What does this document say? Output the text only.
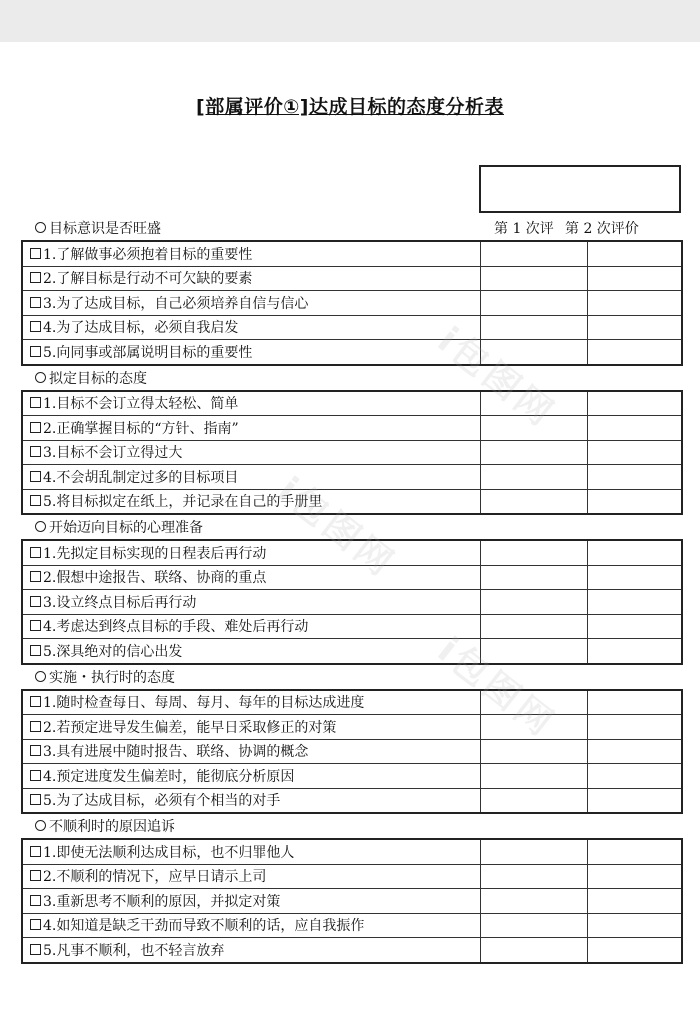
[部属评价①]达成目标的态度分析表
第 1 次评 第 2 次评价
目标意识是否旺盛
1.了解做事必须抱着目标的重要性		
2.了解目标是行动不可欠缺的要素		
3.为了达成目标，自己必须培养自信与信心		
4.为了达成目标，必须自我启发		
5.向同事或部属说明目标的重要性		
拟定目标的态度
1.目标不会订立得太轻松、简单		
2.正确掌握目标的“方针、指南”		
3.目标不会订立得过大		
4.不会胡乱制定过多的目标项目		
5.将目标拟定在纸上，并记录在自己的手册里		
开始迈向目标的心理准备
1.先拟定目标实现的日程表后再行动		
2.假想中途报告、联络、协商的重点		
3.设立终点目标后再行动		
4.考虑达到终点目标的手段、难处后再行动		
5.深具绝对的信心出发		
实施・执行时的态度
1.随时检查每日、每周、每月、每年的目标达成进度		
2.若预定进导发生偏差，能早日采取修正的对策		
3.具有进展中随时报告、联络、协调的概念		
4.预定进度发生偏差时，能彻底分析原因		
5.为了达成目标，必须有个相当的对手		
不顺利时的原因追诉
1.即使无法顺利达成目标，也不归罪他人		
2.不顺利的情况下，应早日请示上司		
3.重新思考不顺利的原因，并拟定对策		
4.如知道是缺乏干劲而导致不顺利的话，应自我振作		
5.凡事不顺利，也不轻言放弃		
i包图网
i包图网
i包图网
